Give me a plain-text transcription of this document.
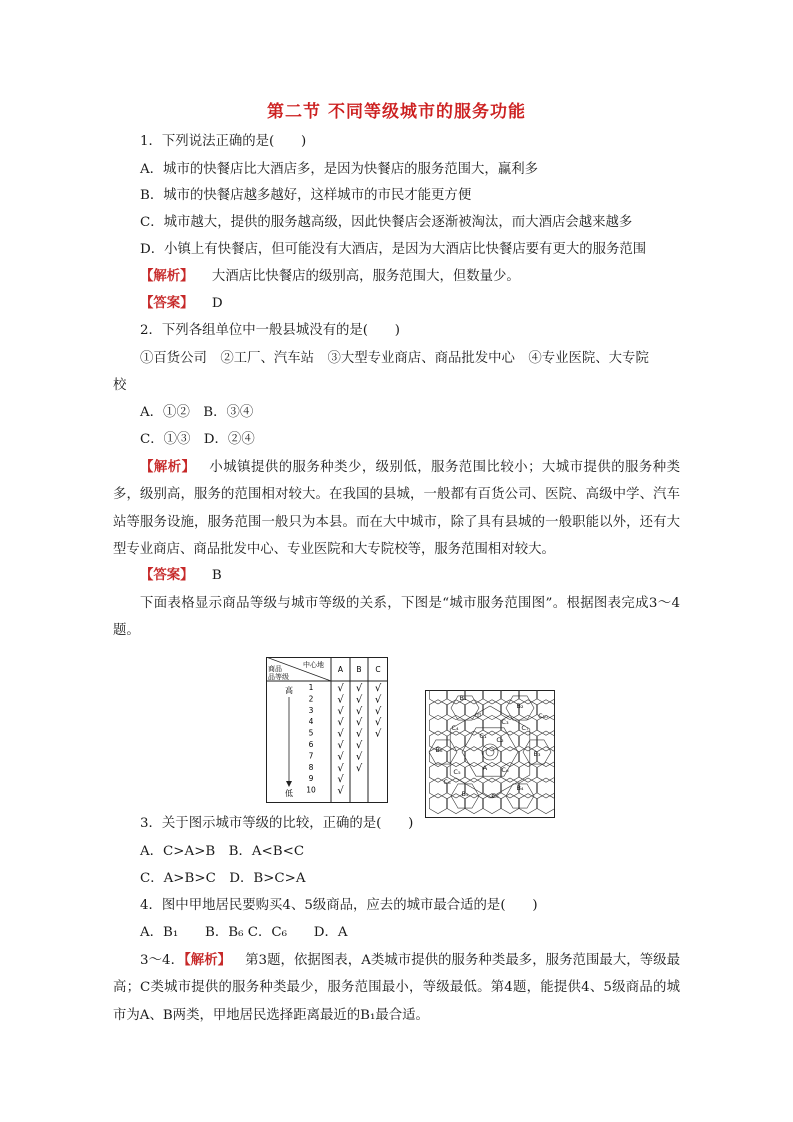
第二节 不同等级城市的服务功能
1．下列说法正确的是(　　)
A．城市的快餐店比大酒店多，是因为快餐店的服务范围大，赢利多
B．城市的快餐店越多越好，这样城市的市民才能更方便
C．城市越大，提供的服务越高级，因此快餐店会逐渐被淘汰，而大酒店会越来越多
D．小镇上有快餐店，但可能没有大酒店，是因为大酒店比快餐店要有更大的服务范围
【解析】 大酒店比快餐店的级别高，服务范围大，但数量少。
【答案】 D
2．下列各组单位中一般县城没有的是(　　)
①百货公司　②工厂、汽车站　③大型专业商店、商品批发中心　④专业医院、大专院
校
A．①②　B．③④
C．①③　D．②④
【解析】 小城镇提供的服务种类少，级别低，服务范围比较小；大城市提供的服务种类多，级别高，服务的范围相对较大。在我国的县城，一般都有百货公司、医院、高级中学、汽车站等服务设施，服务范围一般只为本县。而在大中城市，除了具有县城的一般职能以外，还有大型专业商店、商品批发中心、专业医院和大专院校等，服务范围相对较大。
【答案】 B
下面表格显示商品等级与城市等级的关系，下图是“城市服务范围图”。根据图表完成3～4题。
中心地
商品 品等级
A B C
高
低
1 √ √ √
2 √ √ √
3 √ √ √
4 √ √ √
5 √ √ √
6 √ √
7 √ √
8 √ √
9 √
10 √
B₁
B₂
B₃
B₄
B₅
B₆
甲
A
C₁ C₂
C₃
C₄
C₅	C₆
C₇
C₈
C₉
C₁₀
3．关于图示城市等级的比较，正确的是(　　)
A．C>A>B　B．A<B<C
C．A>B>C　D．B>C>A
4．图中甲地居民要购买4、5级商品，应去的城市最合适的是(　　)
A．B₁　　B．B₆ C．C₆　　D．A
3～4．【解析】 第3题，依据图表，A类城市提供的服务种类最多，服务范围最大，等级最高；C类城市提供的服务种类最少，服务范围最小，等级最低。第4题，能提供4、5级商品的城市为A、B两类，甲地居民选择距离最近的B₁最合适。
